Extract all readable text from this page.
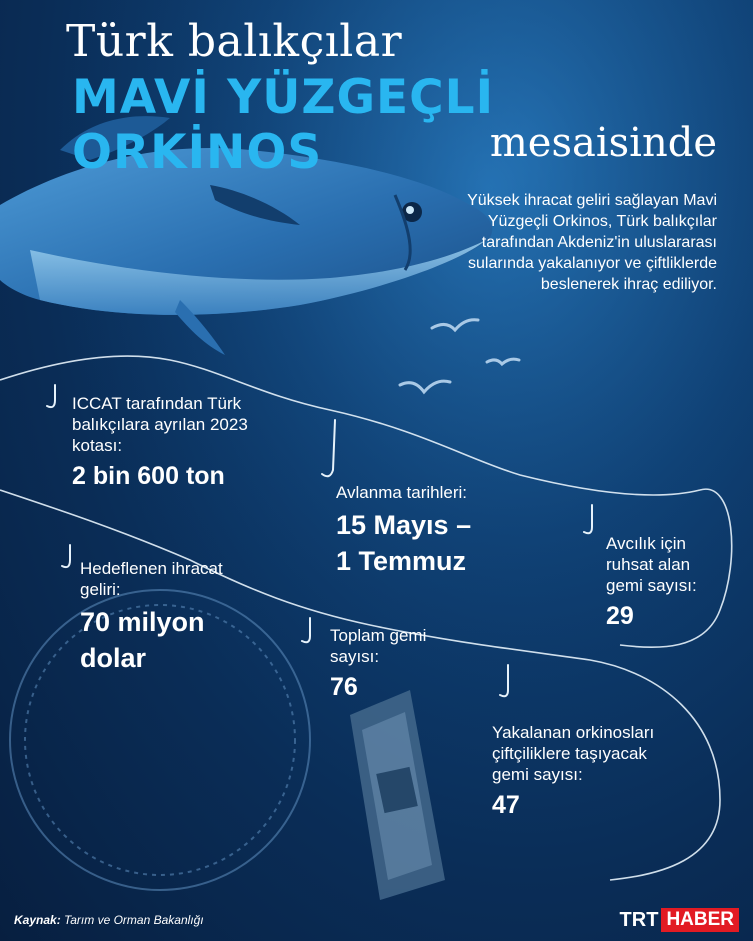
Türk balıkçılar
MAVİ YÜZGEÇLİ ORKİNOS	mesaisinde
Yüksek ihracat geliri sağlayan Mavi Yüzgeçli Orkinos, Türk balıkçılar tarafından Akdeniz'in uluslararası sularında yakalanıyor ve çiftliklerde beslenerek ihraç ediliyor.
ICCAT tarafından Türk balıkçılara ayrılan 2023 kotası:
2 bin 600 ton
Avlanma tarihleri:
15 Mayıs –
1 Temmuz
Avcılık için ruhsat alan gemi sayısı:
29
Hedeflenen ihracat geliri:
70 milyon
dolar
Toplam gemi sayısı:
76
Yakalanan orkinosları çiftçiliklere taşıyacak gemi sayısı:
47
Kaynak: Tarım ve Orman Bakanlığı	TRT HABER
